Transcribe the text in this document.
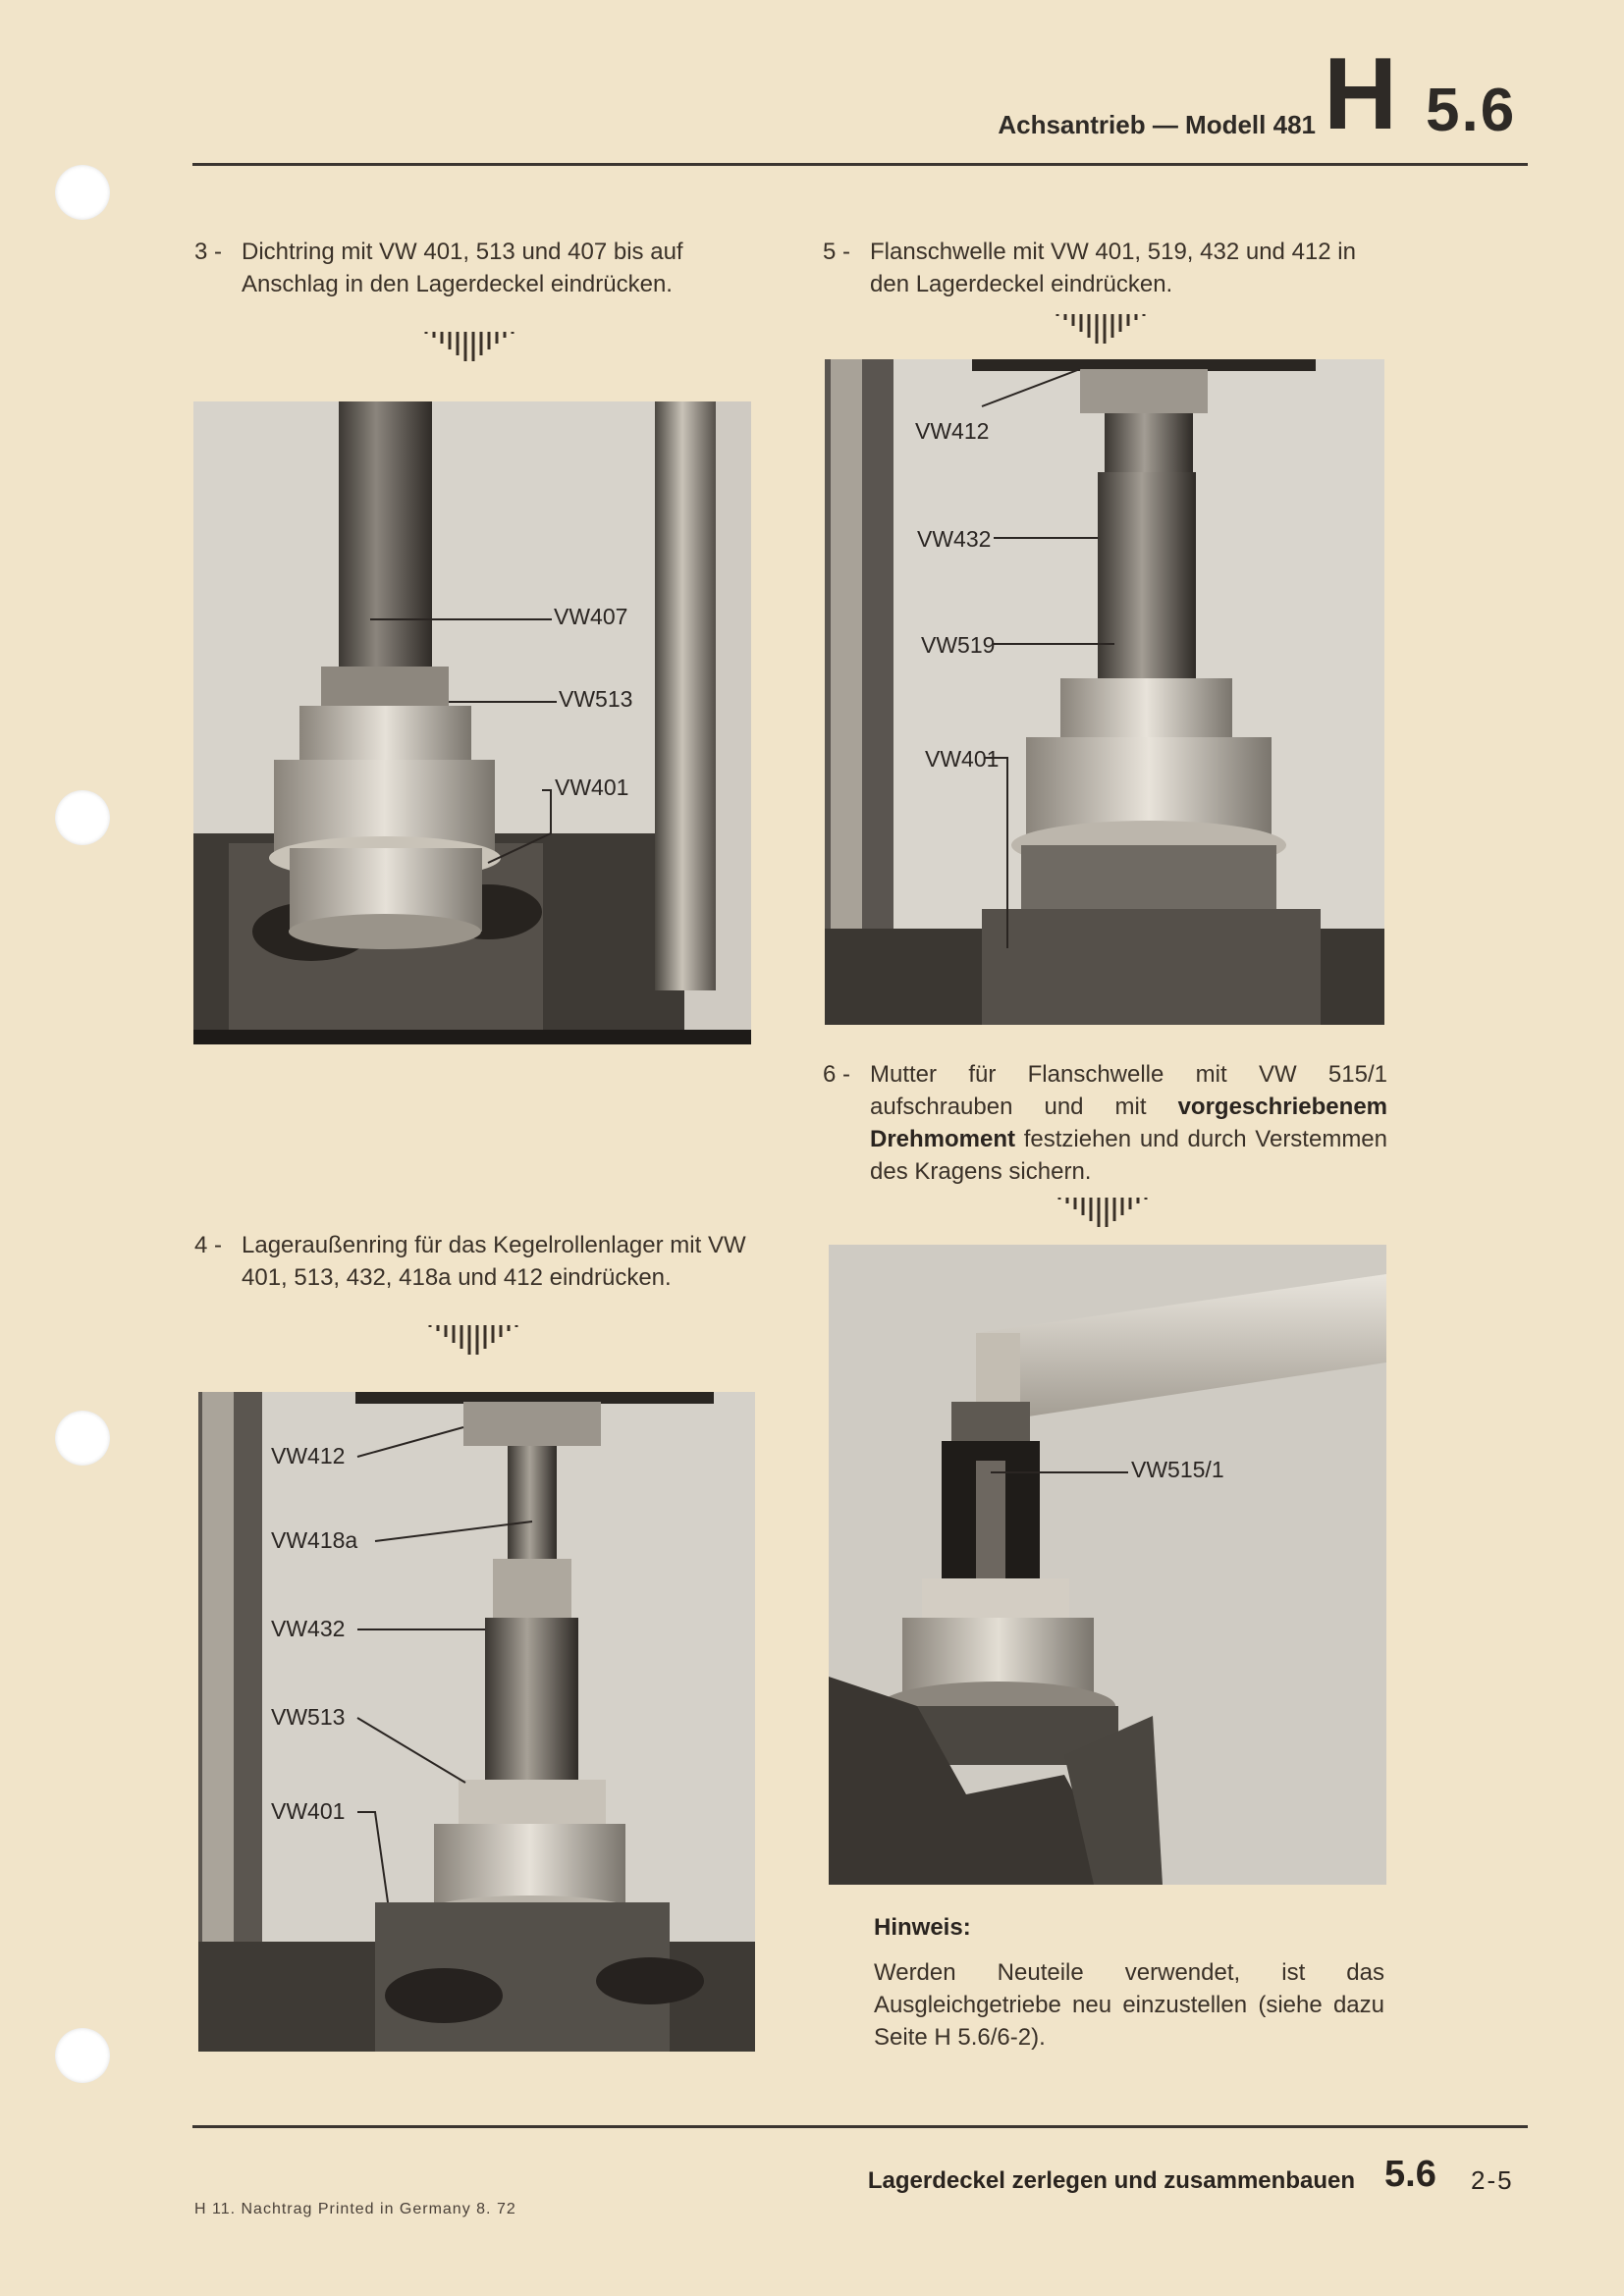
Achsantrieb — Modell 481 H 5.6
3 - Dichtring mit VW 401, 513 und 407 bis auf Anschlag in den Lagerdeckel eindrücken.
VW407
VW513
VW401
5 - Flanschwelle mit VW 401, 519, 432 und 412 in den Lagerdeckel eindrücken.
VW412
VW432
VW519
VW401
6 - Mutter für Flanschwelle mit VW 515/1 aufschrauben und mit vorgeschriebenem Drehmoment festziehen und durch Verstemmen des Kragens sichern.
VW515/1
Hinweis:
Werden Neuteile verwendet, ist das Ausgleichgetriebe neu einzustellen (siehe dazu Seite H 5.6/6-2).
4 - Lageraußenring für das Kegelrollenlager mit VW 401, 513, 432, 418a und 412 eindrücken.
VW412
VW418a
VW432
VW513
VW401
Lagerdeckel zerlegen und zusammenbauen 5.6 2-5
H 11. Nachtrag Printed in Germany 8. 72
